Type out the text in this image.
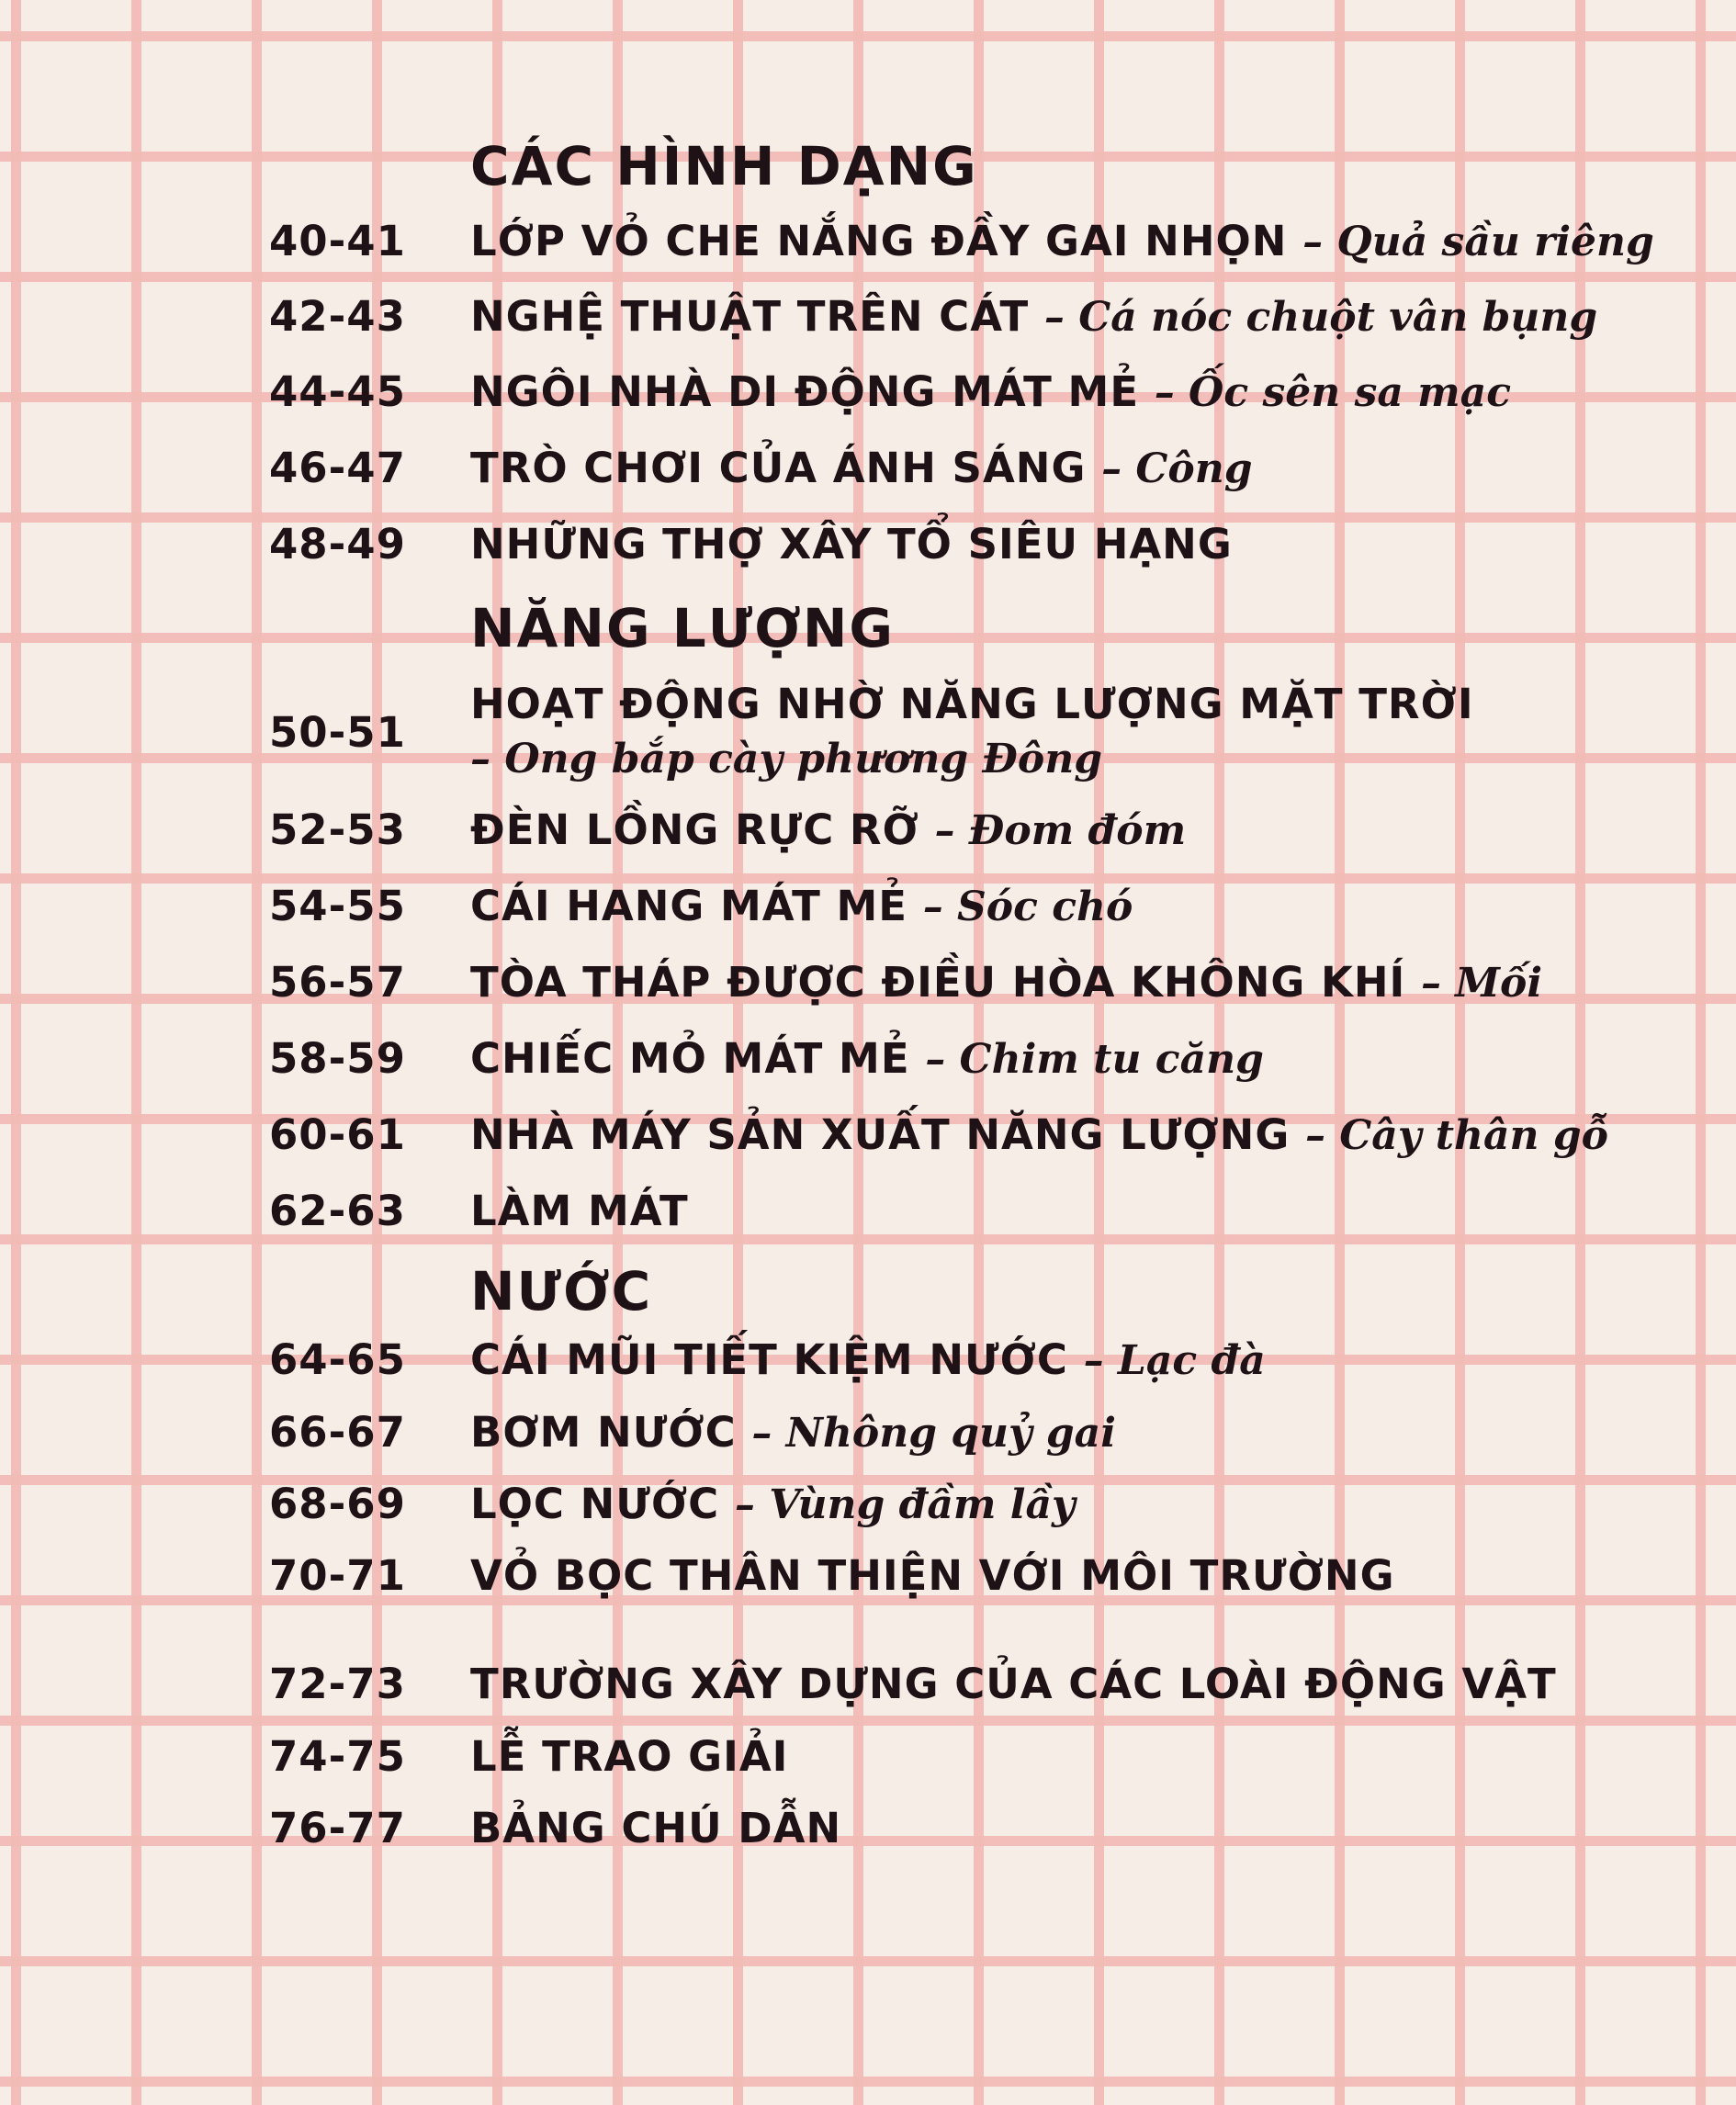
CÁC HÌNH DẠNG
40-41 LỚP VỎ CHE NẮNG ĐẦY GAI NHỌN – Quả sầu riêng
42-43 NGHỆ THUẬT TRÊN CÁT – Cá nóc chuột vân bụng
44-45 NGÔI NHÀ DI ĐỘNG MÁT MẺ – Ốc sên sa mạc
46-47 TRÒ CHƠI CỦA ÁNH SÁNG – Công
48-49 NHỮNG THỢ XÂY TỔ SIÊU HẠNG
NĂNG LƯỢNG
50-51
HOẠT ĐỘNG NHỜ NĂNG LƯỢNG MẶT TRỜI
– Ong bắp cày phương Đông
52-53 ĐÈN LỒNG RỰC RỠ – Đom đóm
54-55 CÁI HANG MÁT MẺ – Sóc chó
56-57 TÒA THÁP ĐƯỢC ĐIỀU HÒA KHÔNG KHÍ – Mối
58-59 CHIẾC MỎ MÁT MẺ – Chim tu căng
60-61 NHÀ MÁY SẢN XUẤT NĂNG LƯỢNG – Cây thân gỗ
62-63 LÀM MÁT
NƯỚC
64-65 CÁI MŨI TIẾT KIỆM NƯỚC – Lạc đà
66-67 BƠM NƯỚC – Nhông quỷ gai
68-69 LỌC NƯỚC – Vùng đầm lầy
70-71 VỎ BỌC THÂN THIỆN VỚI MÔI TRƯỜNG
72-73 TRƯỜNG XÂY DỰNG CỦA CÁC LOÀI ĐỘNG VẬT
74-75 LỄ TRAO GIẢI
76-77 BẢNG CHÚ DẪN
